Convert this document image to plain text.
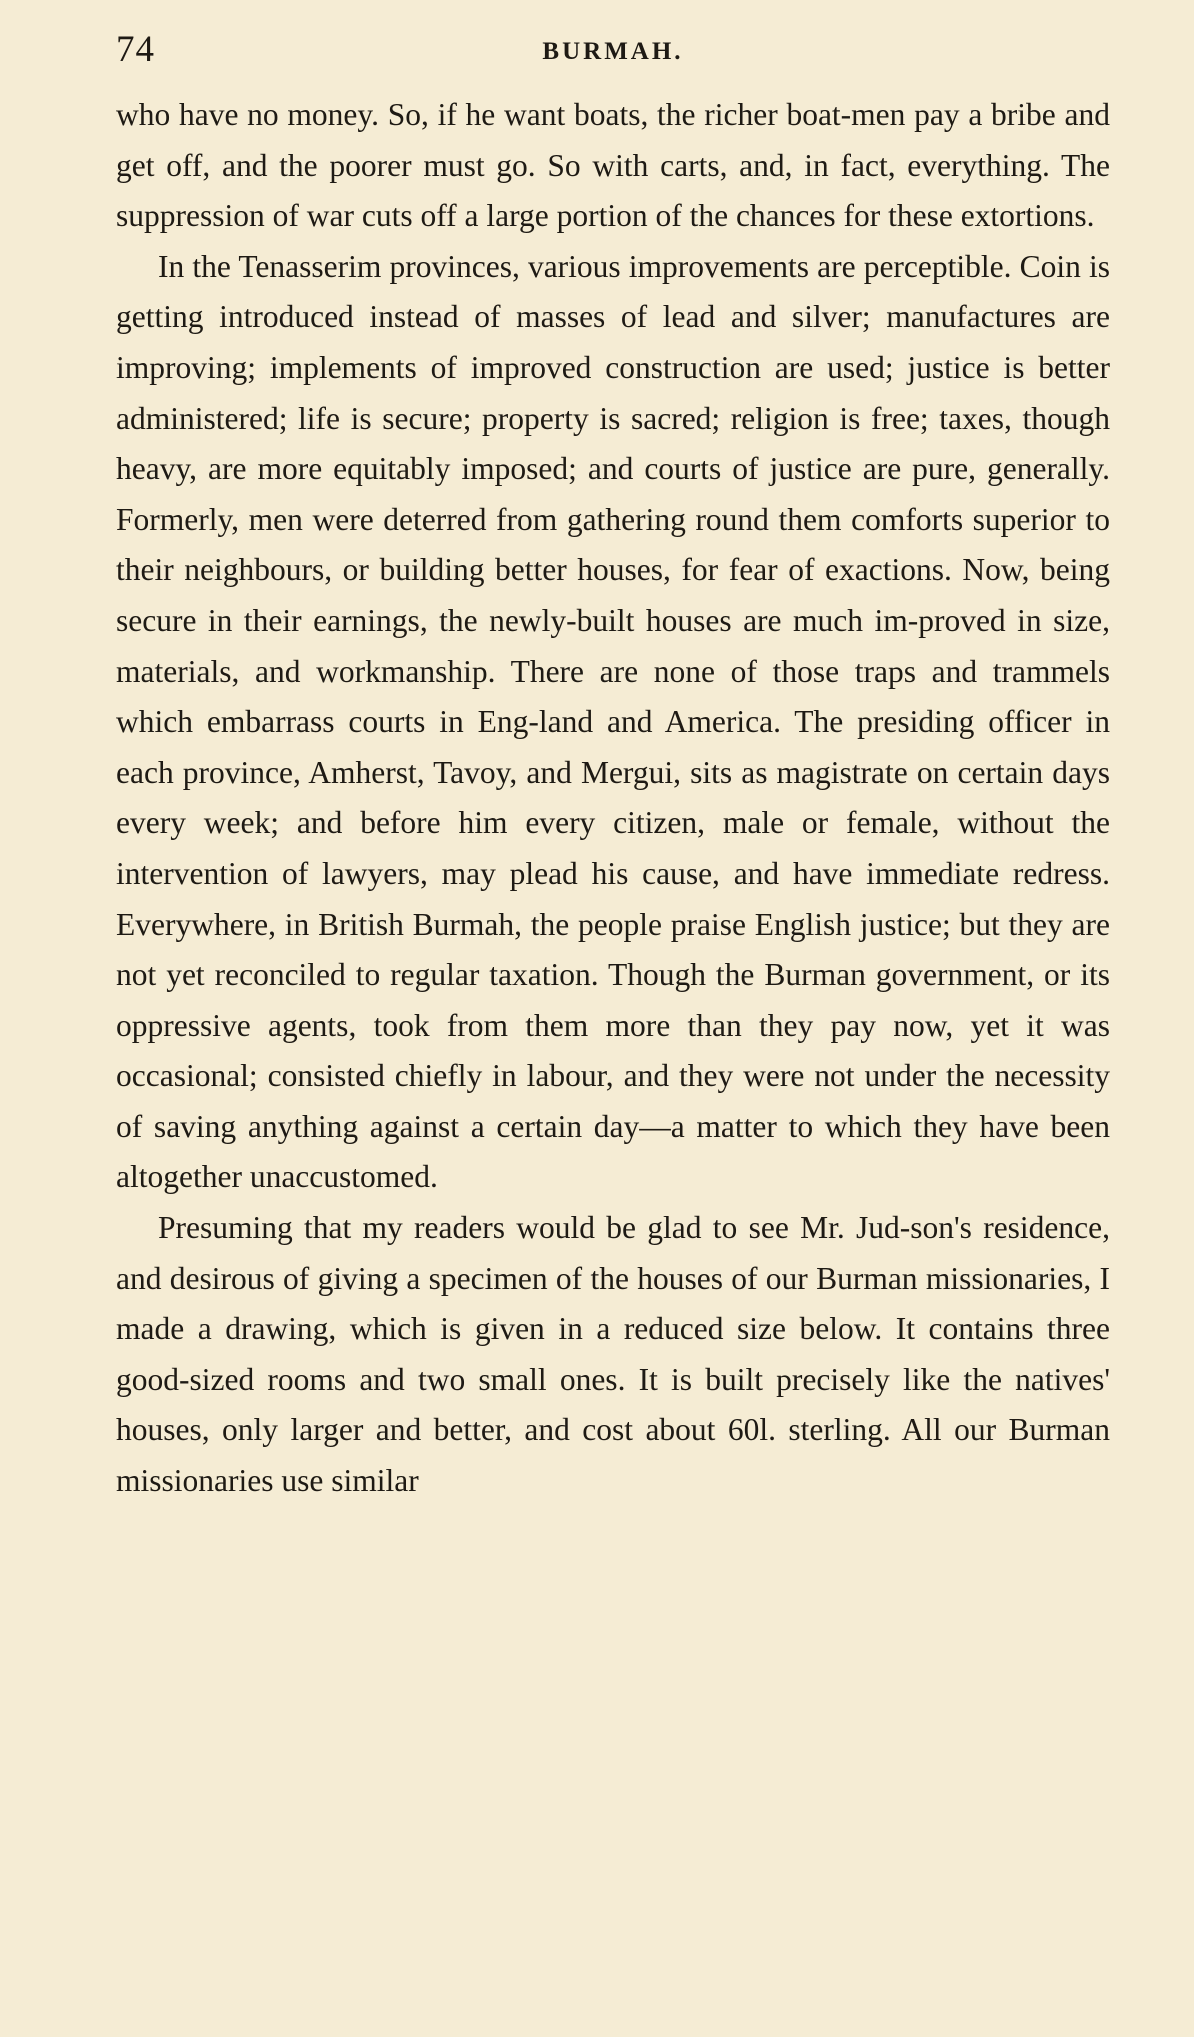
74	BURMAH.

who have no money. So, if he want boats, the richer boat-men pay a bribe and get off, and the poorer must go. So with carts, and, in fact, everything. The suppression of war cuts off a large portion of the chances for these extortions.

In the Tenasserim provinces, various improvements are perceptible. Coin is getting introduced instead of masses of lead and silver; manufactures are improving; implements of improved construction are used; justice is better administered; life is secure; property is sacred; religion is free; taxes, though heavy, are more equitably imposed; and courts of justice are pure, generally. Formerly, men were deterred from gathering round them comforts superior to their neighbours, or building better houses, for fear of exactions. Now, being secure in their earnings, the newly-built houses are much im-proved in size, materials, and workmanship. There are none of those traps and trammels which embarrass courts in Eng-land and America. The presiding officer in each province, Amherst, Tavoy, and Mergui, sits as magistrate on certain days every week; and before him every citizen, male or female, without the intervention of lawyers, may plead his cause, and have immediate redress. Everywhere, in British Burmah, the people praise English justice; but they are not yet reconciled to regular taxation. Though the Burman government, or its oppressive agents, took from them more than they pay now, yet it was occasional; consisted chiefly in labour, and they were not under the necessity of saving anything against a certain day—a matter to which they have been altogether unaccustomed.

Presuming that my readers would be glad to see Mr. Jud-son's residence, and desirous of giving a specimen of the houses of our Burman missionaries, I made a drawing, which is given in a reduced size below. It contains three good-sized rooms and two small ones. It is built precisely like the natives' houses, only larger and better, and cost about 60l. sterling. All our Burman missionaries use similar
